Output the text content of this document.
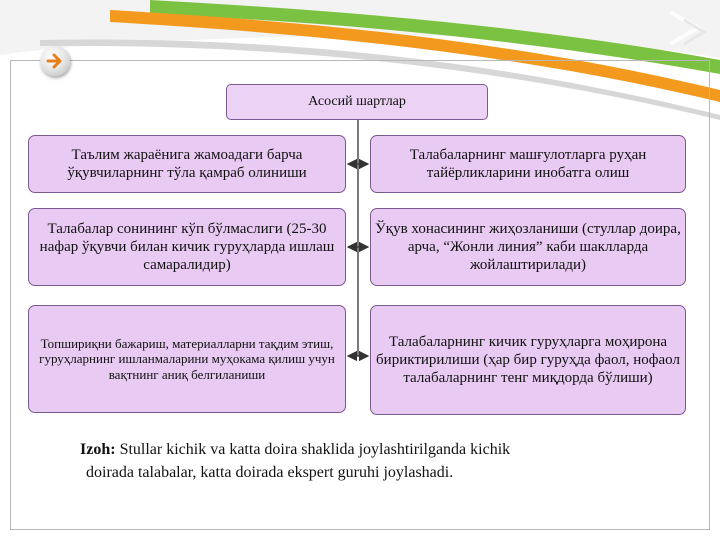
Асосий шартлар
Таълим жараёнига жамоадаги барча ўқувчиларнинг тўла қамраб олиниши
Талабаларнинг машғулотларга руҳан тайёрликларини инобатга олиш
Талабалар сонининг кўп бўлмаслиги (25-30 нафар ўқувчи билан кичик гуруҳларда ишлаш самаралидир)
Ўқув хонасининг жиҳозланиши (стуллар доира, арча, “Жонли линия” каби шаклларда жойлаштирилади)
Топшириқни бажариш, материалларни тақдим этиш, гуруҳларнинг ишланмаларини муҳокама қилиш учун вақтнинг аниқ белгиланиши
Талабаларнинг кичик гуруҳларга моҳирона бириктирилиши (ҳар бир гуруҳда фаол, нофаол талабаларнинг тенг миқдорда бўлиши)
Izoh: Stullar kichik va katta doira shaklida joylashtirilganda kichik
doirada talabalar, katta doirada ekspert guruhi joylashadi.
